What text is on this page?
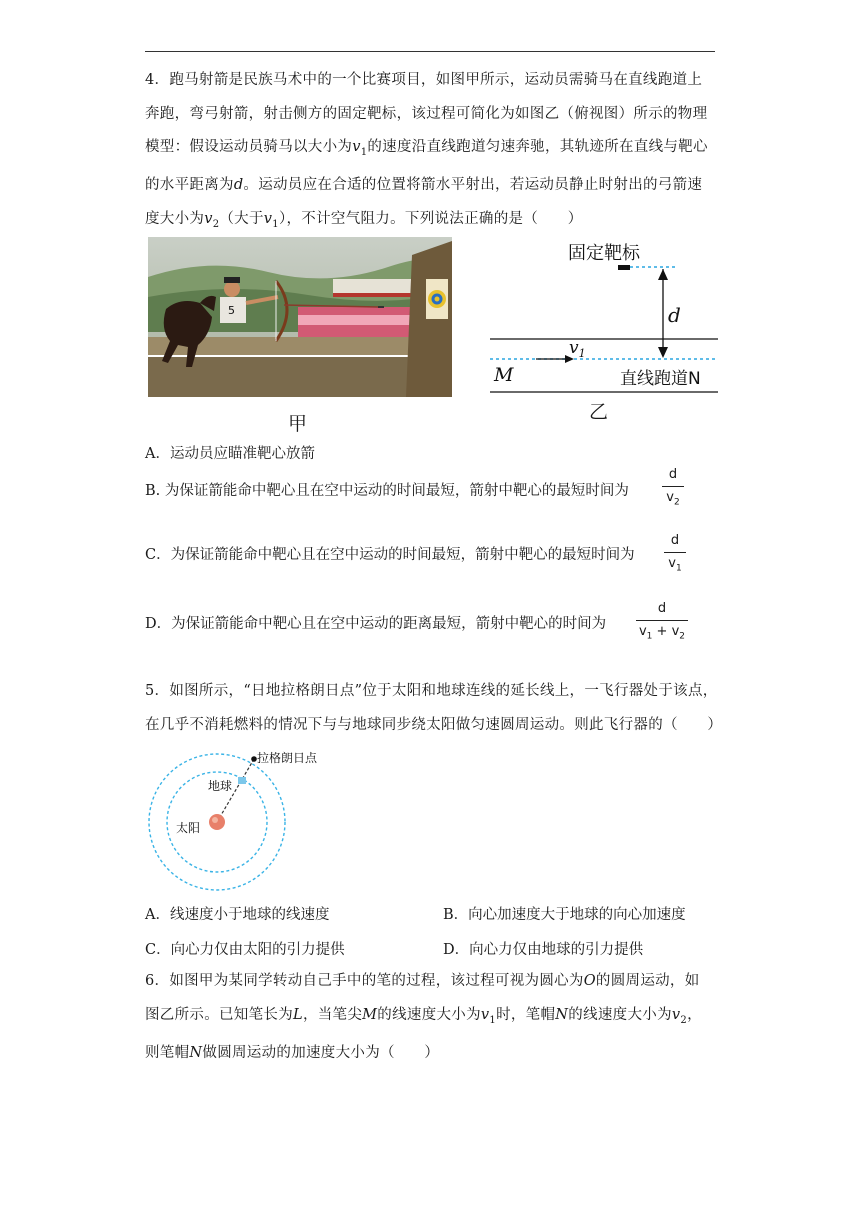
4．跑马射箭是民族马术中的一个比赛项目，如图甲所示，运动员需骑马在直线跑道上
奔跑，弯弓射箭，射击侧方的固定靶标，该过程可简化为如图乙（俯视图）所示的物理
模型：假设运动员骑马以大小为$v_1$的速度沿直线跑道匀速奔驰，其轨迹所在直线与靶心
的水平距离为d。运动员应在合适的位置将箭水平射出，若运动员静止时射出的弓箭速
度大小为$v_2$（大于$v_1$），不计空气阻力。下列说法正确的是（　　）
5
甲
固定靶标
d
$v_1$
M	直线跑道N
乙
A．运动员应瞄准靶心放箭
B. 为保证箭能命中靶心且在空中运动的时间最短，箭射中靶心的最短时间为
d
$v_2$
C．为保证箭能命中靶心且在空中运动的时间最短，箭射中靶心的最短时间为
d
$v_1$
D．为保证箭能命中靶心且在空中运动的距离最短，箭射中靶心的时间为
d
$v_1 + v_2$
5．如图所示，“日地拉格朗日点”位于太阳和地球连线的延长线上，一飞行器处于该点，
在几乎不消耗燃料的情况下与与地球同步绕太阳做匀速圆周运动。则此飞行器的（　　）
拉格朗日点
地球
太阳
A．线速度小于地球的线速度	B．向心加速度大于地球的向心加速度
C．向心力仅由太阳的引力提供	D．向心力仅由地球的引力提供
6．如图甲为某同学转动自己手中的笔的过程，该过程可视为圆心为O的圆周运动，如
图乙所示。已知笔长为L，当笔尖M的线速度大小为$v_1$时，笔帽N的线速度大小为$v_2$，
则笔帽N做圆周运动的加速度大小为（　　）
